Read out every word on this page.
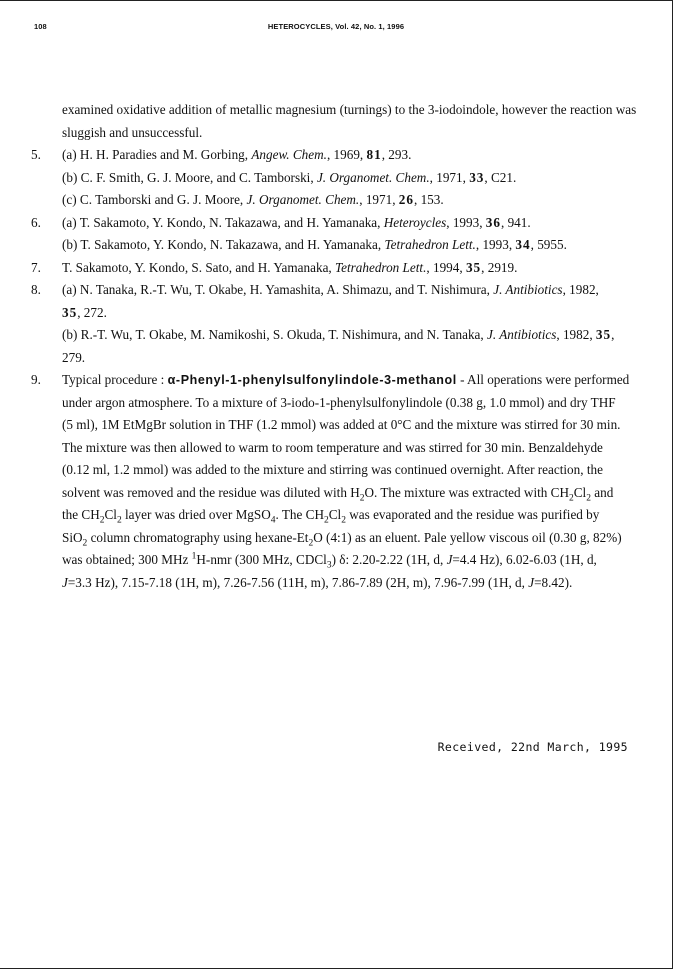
108	HETEROCYCLES, Vol. 42, No. 1, 1996
examined oxidative addition of metallic magnesium (turnings) to the 3-iodoindole, however the reaction was
sluggish and unsuccessful.
5.	(a) H. H. Paradies and M. Gorbing, Angew. Chem., 1969, 81, 293.
(b) C. F. Smith, G. J. Moore, and C. Tamborski, J. Organomet. Chem., 1971, 33, C21.
(c) C. Tamborski and G. J. Moore, J. Organomet. Chem., 1971, 26, 153.
6.	(a) T. Sakamoto, Y. Kondo, N. Takazawa, and H. Yamanaka, Heteroycles, 1993, 36, 941.
(b) T. Sakamoto, Y. Kondo, N. Takazawa, and H. Yamanaka, Tetrahedron Lett., 1993, 34, 5955.
7.	T. Sakamoto, Y. Kondo, S. Sato, and H. Yamanaka, Tetrahedron Lett., 1994, 35, 2919.
8.	(a) N. Tanaka, R.-T. Wu, T. Okabe, H. Yamashita, A. Shimazu, and T. Nishimura, J. Antibiotics, 1982,
35, 272.
(b) R.-T. Wu, T. Okabe, M. Namikoshi, S. Okuda, T. Nishimura, and N. Tanaka, J. Antibiotics, 1982, 35,
279.
9.	Typical procedure : α-Phenyl-1-phenylsulfonylindole-3-methanol - All operations were performed
under argon atmosphere. To a mixture of 3-iodo-1-phenylsulfonylindole (0.38 g, 1.0 mmol) and dry THF
(5 ml), 1M EtMgBr solution in THF (1.2 mmol) was added at 0°C and the mixture was stirred for 30 min.
The mixture was then allowed to warm to room temperature and was stirred for 30 min. Benzaldehyde
(0.12 ml, 1.2 mmol) was added to the mixture and stirring was continued overnight. After reaction, the
solvent was removed and the residue was diluted with $H_2O$. The mixture was extracted with $CH_2Cl_2$ and
the $CH_2Cl_2$ layer was dried over MgSO$_4$. The $CH_2Cl_2$ was evaporated and the residue was purified by
SiO$_2$ column chromatography using hexane-$Et_2O$ (4:1) as an eluent. Pale yellow viscous oil (0.30 g, 82%)
was obtained; 300 MHz $^1$H-nmr (300 MHz, CDCl$_3$) δ: 2.20-2.22 (1H, d, J=4.4 Hz), 6.02-6.03 (1H, d,
J=3.3 Hz), 7.15-7.18 (1H, m), 7.26-7.56 (11H, m), 7.86-7.89 (2H, m), 7.96-7.99 (1H, d, J=8.42).
Received, 22nd March, 1995
